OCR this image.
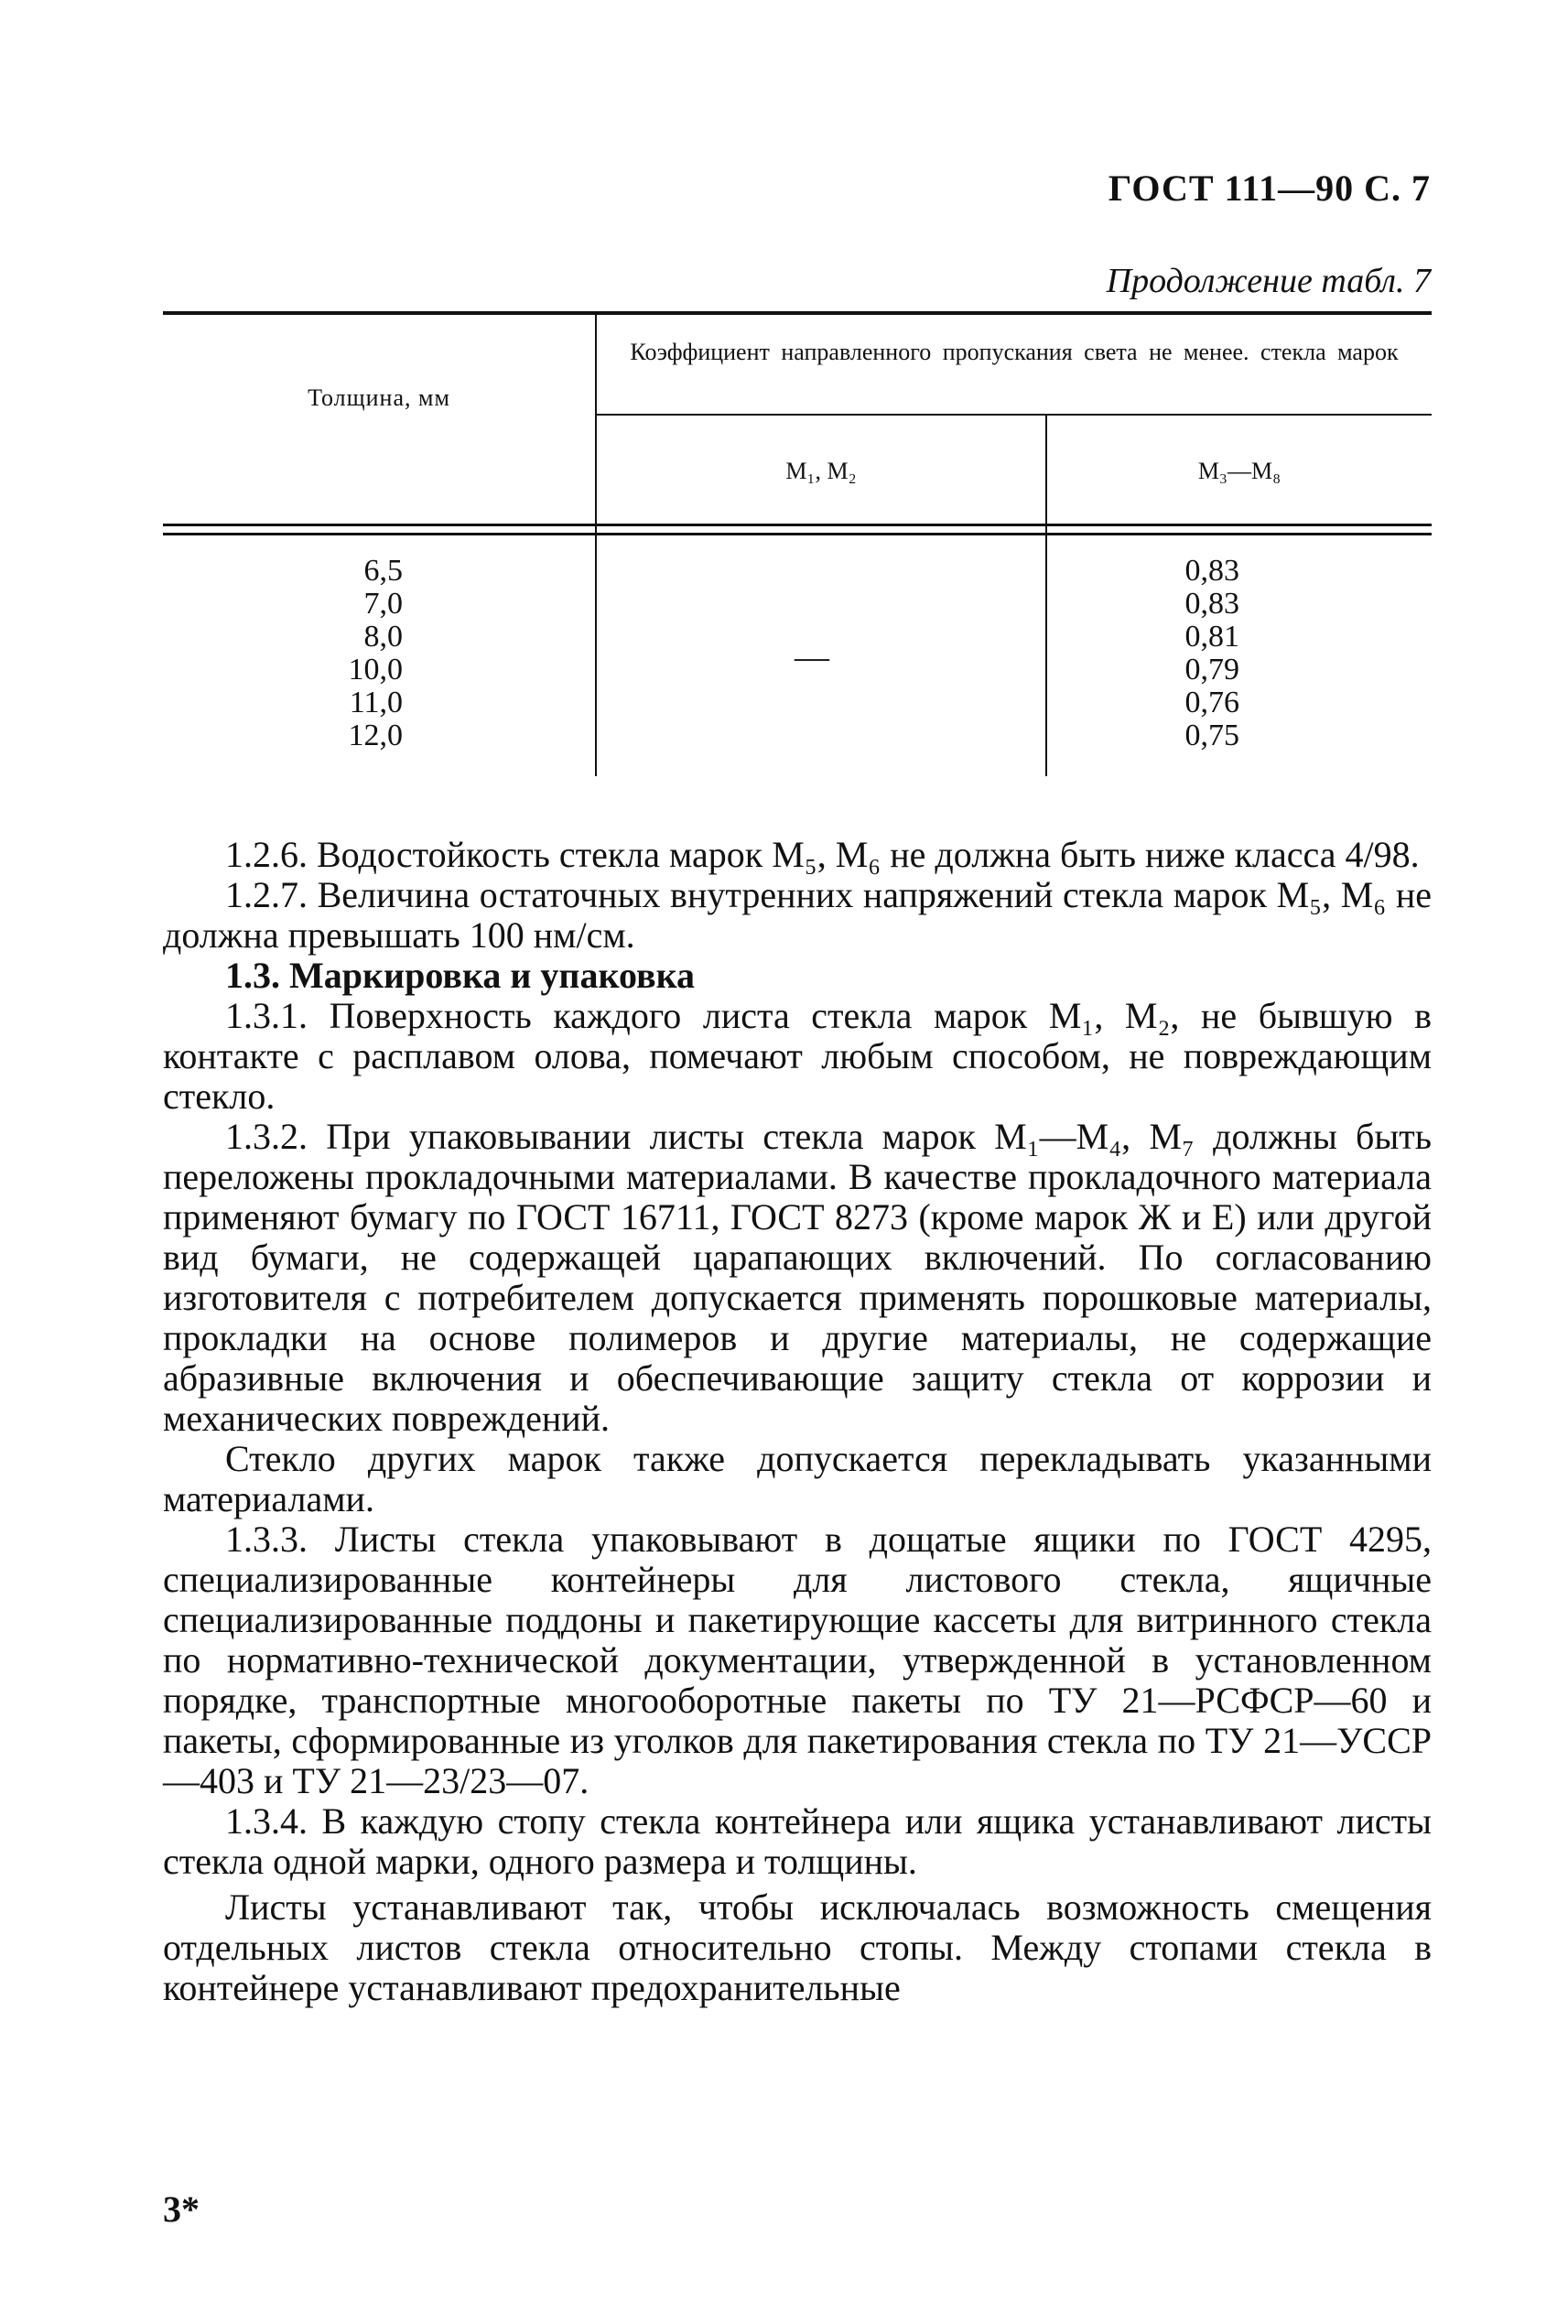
ГОСТ 111—90 С. 7
Продолжение табл. 7
Толщина, мм
Коэффициент направленного пропускания света не менее. стекла марок
М₁, М₂	М₃—М₈
6,5
7,0
8,0
10,0
11,0
12,0
—
0,83
0,83
0,81
0,79
0,76
0,75

1.2.6. Водостойкость стекла марок М₅, М₆ не должна быть ниже класса 4/98.

1.2.7. Величина остаточных внутренних напряжений стекла марок М₅, М₆ не должна превышать 100 нм/см.

1.3. Маркировка и упаковка

1.3.1. Поверхность каждого листа стекла марок М₁, М₂, не бывшую в контакте с расплавом олова, помечают любым способом, не повреждающим стекло.

1.3.2. При упаковывании листы стекла марок М₁—М₄, М₇ должны быть переложены прокладочными материалами. В качестве прокладочного материала применяют бумагу по ГОСТ 16711, ГОСТ 8273 (кроме марок Ж и Е) или другой вид бумаги, не содержащей царапающих включений. По согласованию изготовителя с потребителем допускается применять порошковые материалы, прокладки на основе полимеров и другие материалы, не содержащие абразивные включения и обеспечивающие защиту стекла от коррозии и механических повреждений.

Стекло других марок также допускается перекладывать указанными материалами.

1.3.3. Листы стекла упаковывают в дощатые ящики по ГОСТ 4295, специализированные контейнеры для листового стекла, ящичные специализированные поддоны и пакетирующие кассеты для витринного стекла по нормативно-технической документации, утвержденной в установленном порядке, транспортные многооборотные пакеты по ТУ 21—РСФСР—60 и пакеты, сформированные из уголков для пакетирования стекла по ТУ 21—УССР—403 и ТУ 21—23/23—07.

1.3.4. В каждую стопу стекла контейнера или ящика устанавливают листы стекла одной марки, одного размера и толщины.

Листы устанавливают так, чтобы исключалась возможность смещения отдельных листов стекла относительно стопы. Между стопами стекла в контейнере устанавливают предохранительные

3*
